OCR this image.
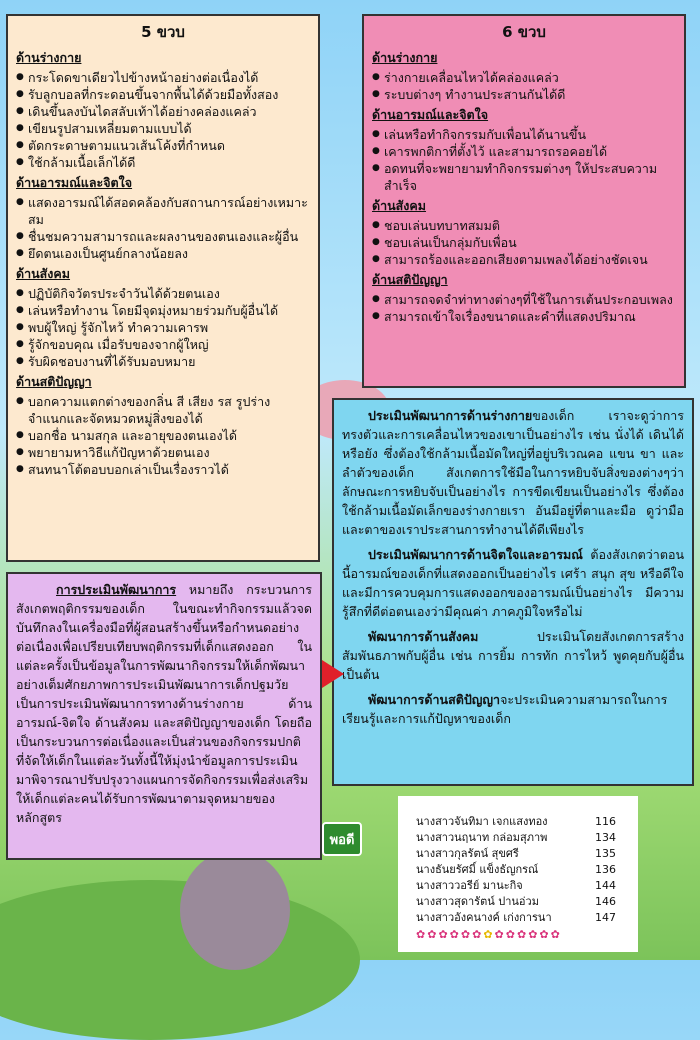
5 ขวบ
ด้านร่างกาย
● กระโดดขาเดียวไปข้างหน้าอย่างต่อเนื่องได้
● รับลูกบอลที่กระดอนขึ้นจากพื้นได้ด้วยมือทั้งสอง
● เดินขึ้นลงบันไดสลับเท้าได้อย่างคล่องแคล่ว
● เขียนรูปสามเหลี่ยมตามแบบได้
● ตัดกระดาษตามแนวเส้นโค้งที่กำหนด
● ใช้กล้ามเนื้อเล็กได้ดี
ด้านอารมณ์และจิตใจ
● แสดงอารมณ์ได้สอดคล้องกับสถานการณ์อย่างเหมาะสม
● ชื่นชมความสามารถและผลงานของตนเองและผู้อื่น
● ยึดตนเองเป็นศูนย์กลางน้อยลง
ด้านสังคม
● ปฏิบัติกิจวัตรประจำวันได้ด้วยตนเอง
● เล่นหรือทำงาน โดยมีจุดมุ่งหมายร่วมกับผู้อื่นได้
● พบผู้ใหญ่ รู้จักไหว้ ทำความเคารพ
● รู้จักขอบคุณ เมื่อรับของจากผู้ใหญ่
● รับผิดชอบงานที่ได้รับมอบหมาย
ด้านสติปัญญา
● บอกความแตกต่างของกลิ่น สี เสียง รส รูปร่าง จำแนกและจัดหมวดหมู่สิ่งของได้
● บอกชื่อ นามสกุล และอายุของตนเองได้
● พยายามหาวิธีแก้ปัญหาด้วยตนเอง
● สนทนาโต้ตอบบอกเล่าเป็นเรื่องราวได้
6 ขวบ
ด้านร่างกาย
● ร่างกายเคลื่อนไหวได้คล่องแคล่ว
● ระบบต่างๆ ทำงานประสานกันได้ดี
ด้านอารมณ์และจิตใจ
● เล่นหรือทำกิจกรรมกับเพื่อนได้นานขึ้น
● เคารพกติกาที่ตั้งไว้ และสามารถรอคอยได้
● อดทนที่จะพยายามทำกิจกรรมต่างๆ ให้ประสบความสำเร็จ
ด้านสังคม
● ชอบเล่นบทบาทสมมติ
● ชอบเล่นเป็นกลุ่มกับเพื่อน
● สามารถร้องและออกเสียงตามเพลงได้อย่างชัดเจน
ด้านสติปัญญา
● สามารถจดจำท่าทางต่างๆที่ใช้ในการเต้นประกอบเพลง
● สามารถเข้าใจเรื่องขนาดและคำที่แสดงปริมาณ

ประเมินพัฒนาการด้านร่างกายของเด็ก เราจะดูว่าการทรงตัวและการเคลื่อนไหวของเขาเป็นอย่างไร เช่น นั่งได้ เดินได้หรือยัง ซึ่งต้องใช้กล้ามเนื้อมัดใหญ่ที่อยู่บริเวณคอ แขน ขา และลำตัวของเด็ก สังเกตการใช้มือในการหยิบจับสิ่งของต่างๆว่าลักษณะการหยิบจับเป็นอย่างไร การขีดเขียนเป็นอย่างไร ซึ่งต้องใช้กล้ามเนื้อมัดเล็กของร่างกายเรา อันมีอยู่ที่ตาและมือ ดูว่ามือและตาของเราประสานการทำงานได้ดีเพียงไร

ประเมินพัฒนาการด้านจิตใจและอารมณ์ ต้องสังเกตว่าตอนนี้อารมณ์ของเด็กที่แสดงออกเป็นอย่างไร เศร้า สนุก สุข หรือดีใจ และมีการควบคุมการแสดงออกของอารมณ์เป็นอย่างไร มีความรู้สึกที่ดีต่อตนเองว่ามีคุณค่า ภาคภูมิใจหรือไม่

พัฒนาการด้านสังคม ประเมินโดยสังเกตการสร้างสัมพันธภาพกับผู้อื่น เช่น การยิ้ม การทัก การไหว้ พูดคุยกับผู้อื่น เป็นต้น

พัฒนาการด้านสติปัญญาจะประเมินความสามารถในการเรียนรู้และการแก้ปัญหาของเด็ก

การประเมินพัฒนาการ หมายถึง กระบวนการสังเกตพฤติกรรมของเด็ก ในขณะทำกิจกรรมแล้วจดบันทึกลงในเครื่องมือที่ผู้สอนสร้างขึ้นหรือกำหนดอย่างต่อเนื่องเพื่อเปรียบเทียบพฤติกรรมที่เด็กแสดงออก ในแต่ละครั้งเป็นข้อมูลในการพัฒนากิจกรรมให้เด็กพัฒนาอย่างเต็มศักยภาพการประเมินพัฒนาการเด็กปฐมวัย เป็นการประเมินพัฒนาการทางด้านร่างกาย ด้านอารมณ์-จิตใจ ด้านสังคม และสติปัญญาของเด็ก โดยถือเป็นกระบวนการต่อเนื่องและเป็นส่วนของกิจกรรมปกติ ที่จัดให้เด็กในแต่ละวันทั้งนี้ให้มุ่งนำข้อมูลการประเมินมาพิจารณาปรับปรุงวางแผนการจัดกิจกรรมเพื่อส่งเสริมให้เด็กแต่ละคนได้รับการพัฒนาตามจุดหมายของหลักสูตร

พอดี
นางสาวจันทิมา เจกแสงทอง	116
นางสาวนฤนาท กล่อมสุภาพ	134
นางสาวกุลรัตน์ สุขศรี	135
นางธันยรัศมิ์ แข็งธัญกรณ์	136
นางสาววอรีย์ มานะกิจ	144
นางสาวสุดารัตน์ ปานอ่วม	146
นางสาวอังคนางค์ เก่งการนา	147
✿ ✿ ✿ ✿ ✿ ✿ ✿ ✿ ✿ ✿ ✿ ✿ ✿
